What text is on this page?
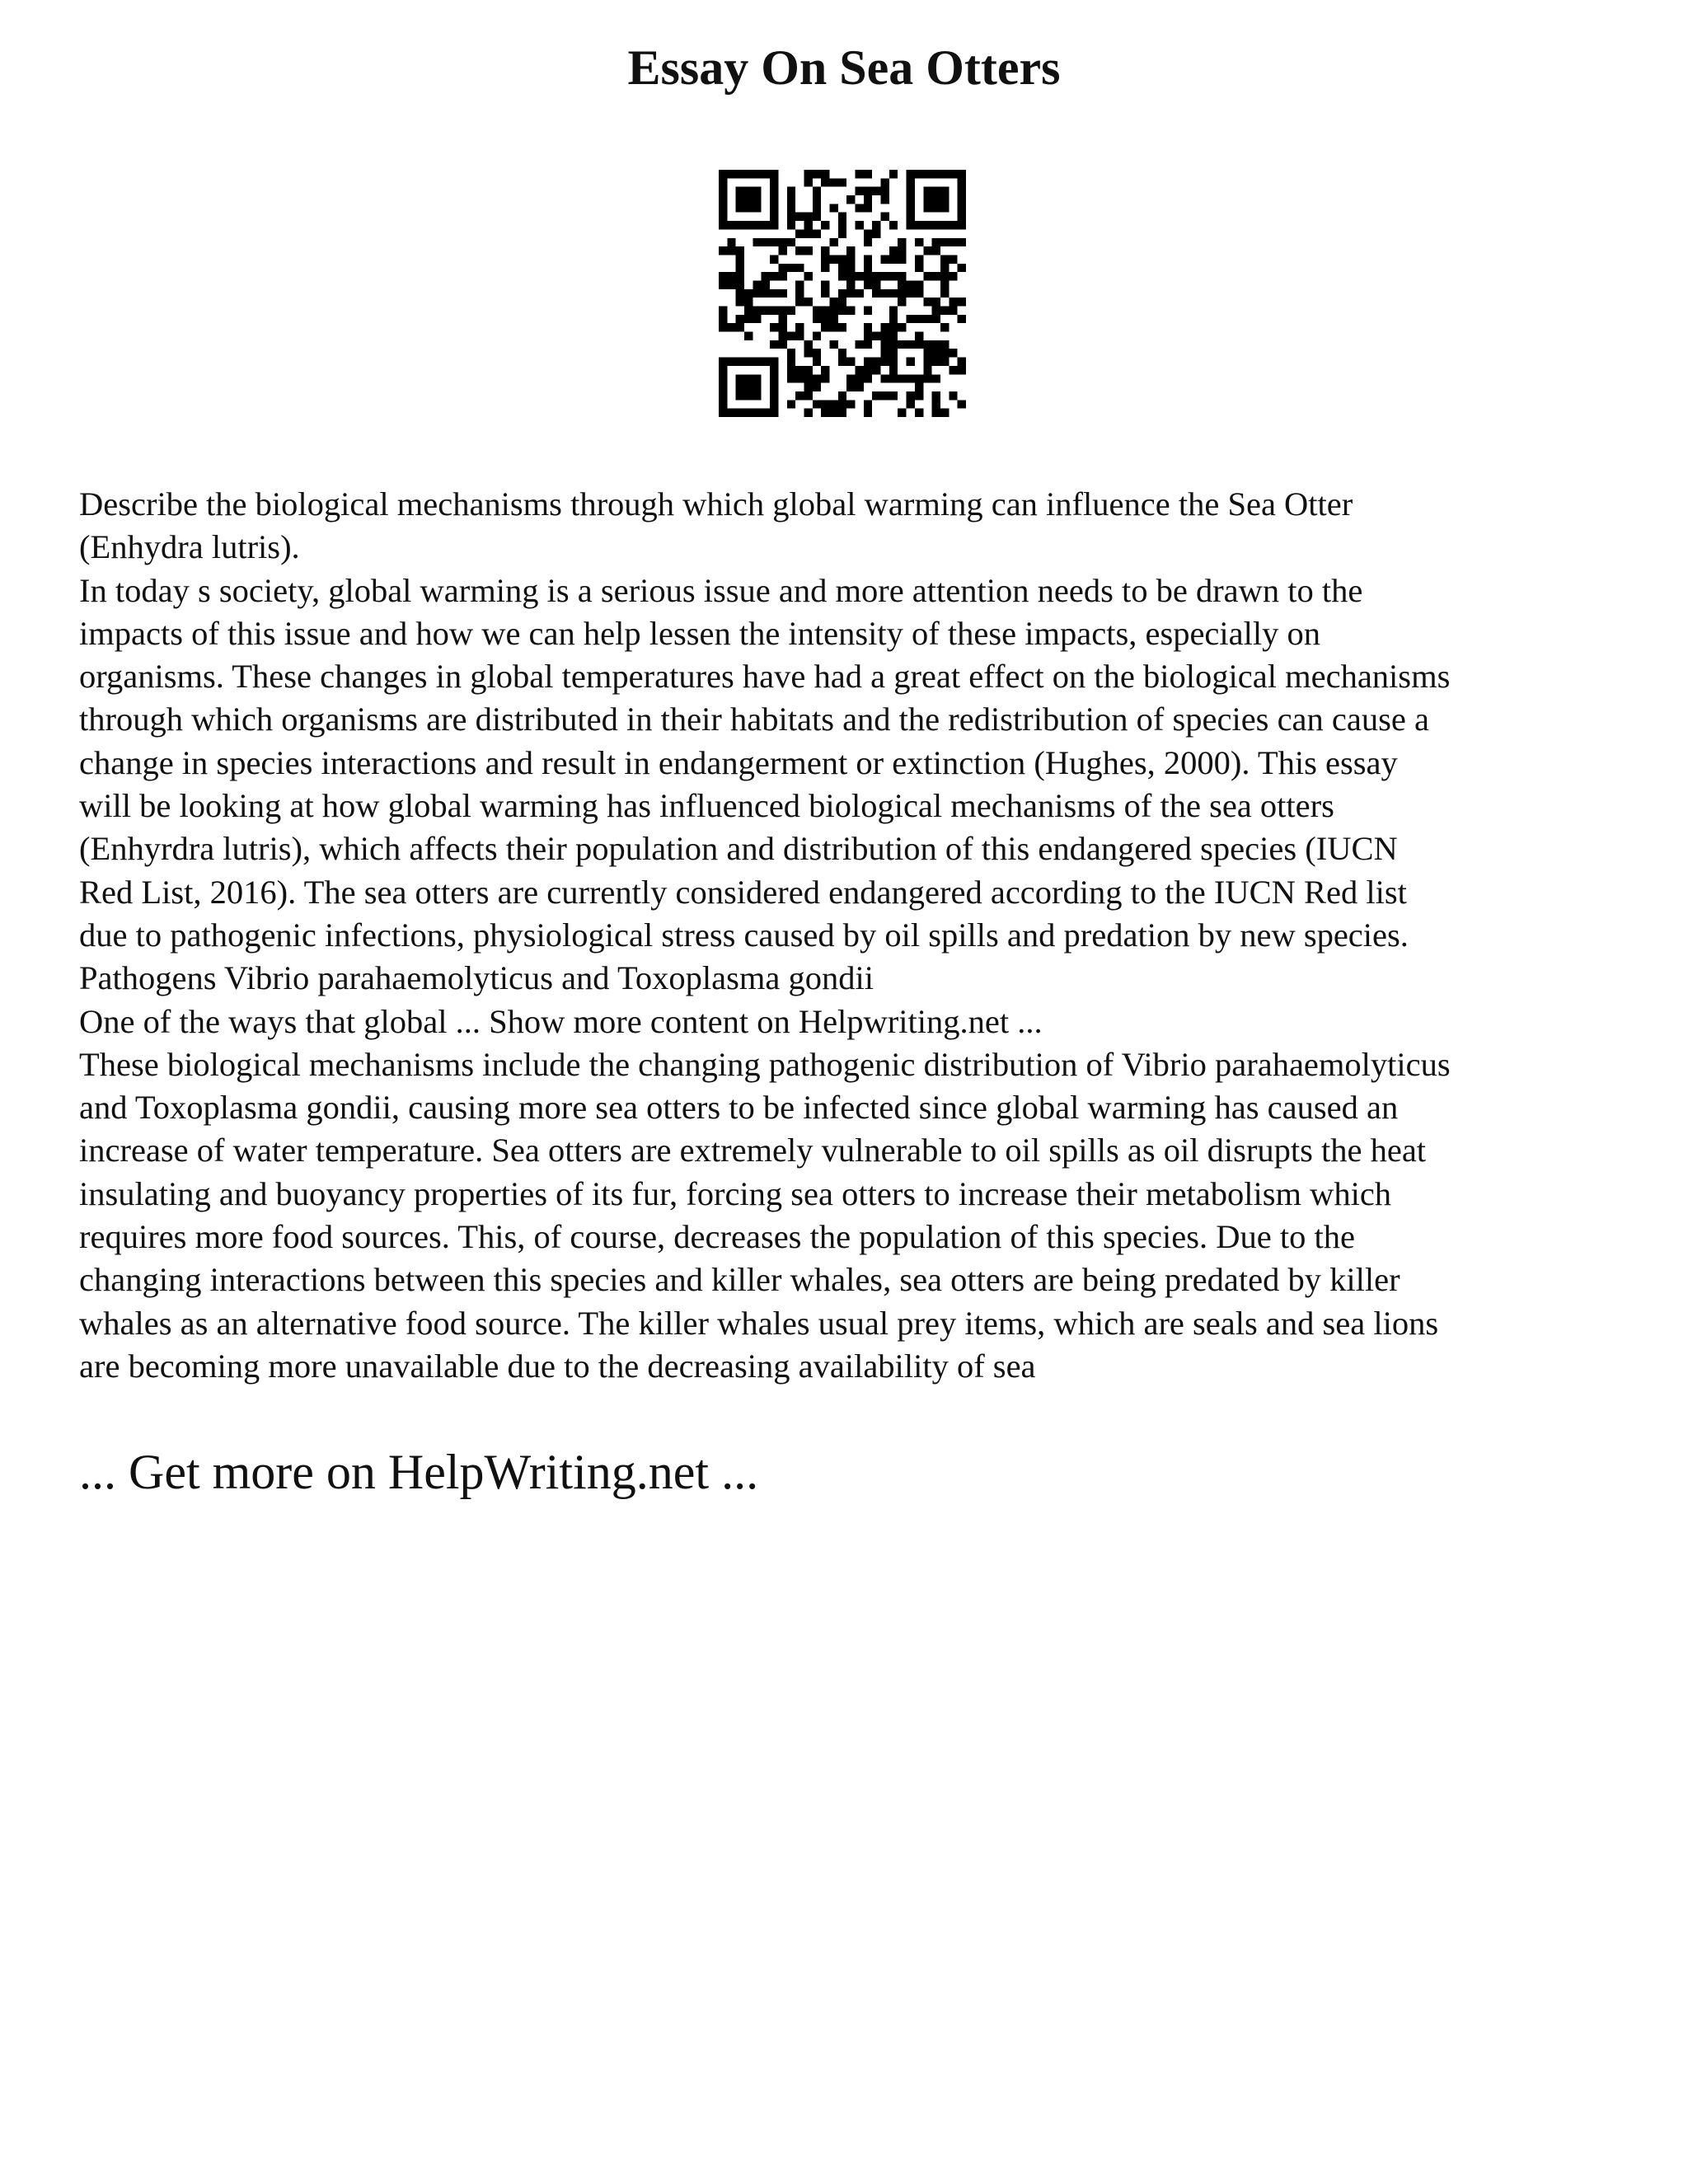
Essay On Sea Otters
Describe the biological mechanisms through which global warming can influence the Sea Otter
(Enhydra lutris).
In today s society, global warming is a serious issue and more attention needs to be drawn to the
impacts of this issue and how we can help lessen the intensity of these impacts, especially on
organisms. These changes in global temperatures have had a great effect on the biological mechanisms
through which organisms are distributed in their habitats and the redistribution of species can cause a
change in species interactions and result in endangerment or extinction (Hughes, 2000). This essay
will be looking at how global warming has influenced biological mechanisms of the sea otters
(Enhyrdra lutris), which affects their population and distribution of this endangered species (IUCN
Red List, 2016). The sea otters are currently considered endangered according to the IUCN Red list
due to pathogenic infections, physiological stress caused by oil spills and predation by new species.
Pathogens Vibrio parahaemolyticus and Toxoplasma gondii
One of the ways that global ... Show more content on Helpwriting.net ...
These biological mechanisms include the changing pathogenic distribution of Vibrio parahaemolyticus
and Toxoplasma gondii, causing more sea otters to be infected since global warming has caused an
increase of water temperature. Sea otters are extremely vulnerable to oil spills as oil disrupts the heat
insulating and buoyancy properties of its fur, forcing sea otters to increase their metabolism which
requires more food sources. This, of course, decreases the population of this species. Due to the
changing interactions between this species and killer whales, sea otters are being predated by killer
whales as an alternative food source. The killer whales usual prey items, which are seals and sea lions
are becoming more unavailable due to the decreasing availability of sea

... Get more on HelpWriting.net ...
